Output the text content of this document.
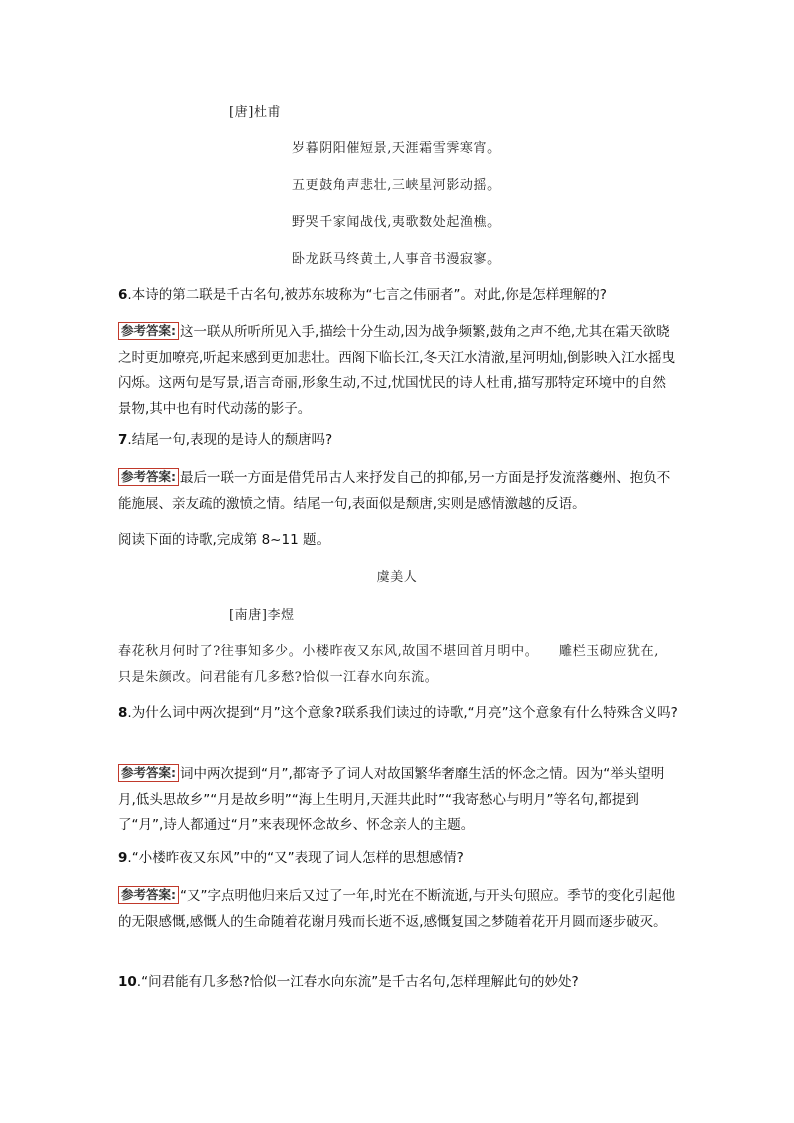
[唐]杜甫
岁暮阴阳催短景,天涯霜雪霁寒宵。
五更鼓角声悲壮,三峡星河影动摇。
野哭千家闻战伐,夷歌数处起渔樵。
卧龙跃马终黄土,人事音书漫寂寥。
6.本诗的第二联是千古名句,被苏东坡称为“七言之伟丽者”。对此,你是怎样理解的?
参考答案: 这一联从所听所见入手,描绘十分生动,因为战争频繁,鼓角之声不绝,尤其在霜天欲晓之时更加嘹亮,听起来感到更加悲壮。西阁下临长江,冬天江水清澈,星河明灿,倒影映入江水摇曳闪烁。这两句是写景,语言奇丽,形象生动,不过,忧国忧民的诗人杜甫,描写那特定环境中的自然景物,其中也有时代动荡的影子。
7.结尾一句,表现的是诗人的颓唐吗?
参考答案: 最后一联一方面是借凭吊古人来抒发自己的抑郁,另一方面是抒发流落夔州、抱负不能施展、亲友疏的激愤之情。结尾一句,表面似是颓唐,实则是感情激越的反语。
阅读下面的诗歌,完成第 8~11 题。
虞美人
[南唐]李煜
春花秋月何时了?往事知多少。小楼昨夜又东风,故国不堪回首月明中。　　雕栏玉砌应犹在,
只是朱颜改。问君能有几多愁?恰似一江春水向东流。
8.为什么词中两次提到“月”这个意象?联系我们读过的诗歌,“月亮”这个意象有什么特殊含义吗?
参考答案: 词中两次提到“月”,都寄予了词人对故国繁华奢靡生活的怀念之情。因为“举头望明月,低头思故乡”“月是故乡明”“海上生明月,天涯共此时”“我寄愁心与明月”等名句,都提到了“月”,诗人都通过“月”来表现怀念故乡、怀念亲人的主题。
9.“小楼昨夜又东风”中的“又”表现了词人怎样的思想感情?
参考答案: “又”字点明他归来后又过了一年,时光在不断流逝,与开头句照应。季节的变化引起他的无限感慨,感慨人的生命随着花谢月残而长逝不返,感慨复国之梦随着花开月圆而逐步破灭。
10.“问君能有几多愁?恰似一江春水向东流”是千古名句,怎样理解此句的妙处?
